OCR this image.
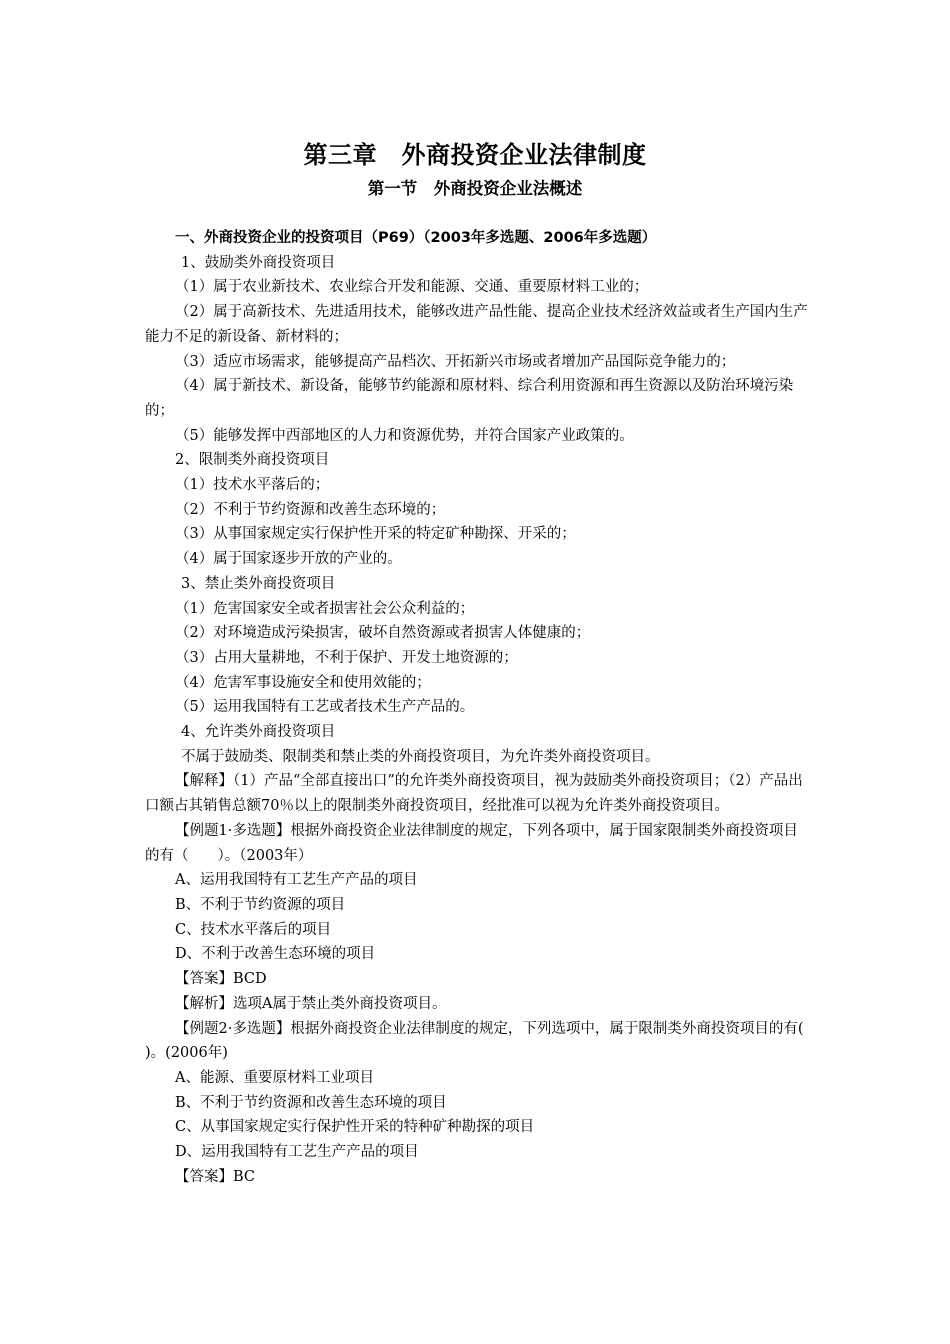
第三章　外商投资企业法律制度
第一节　外商投资企业法概述

一、外商投资企业的投资项目（P69）（2003年多选题、2006年多选题）

1、鼓励类外商投资项目

（1）属于农业新技术、农业综合开发和能源、交通、重要原材料工业的；

（2）属于高新技术、先进适用技术，能够改进产品性能、提高企业技术经济效益或者生产国内生产能力不足的新设备、新材料的；

（3）适应市场需求，能够提高产品档次、开拓新兴市场或者增加产品国际竞争能力的；

（4）属于新技术、新设备，能够节约能源和原材料、综合利用资源和再生资源以及防治环境污染的；

（5）能够发挥中西部地区的人力和资源优势，并符合国家产业政策的。

2、限制类外商投资项目

（1）技术水平落后的；

（2）不利于节约资源和改善生态环境的；

（3）从事国家规定实行保护性开采的特定矿种勘探、开采的；

（4）属于国家逐步开放的产业的。

3、禁止类外商投资项目

（1）危害国家安全或者损害社会公众利益的；

（2）对环境造成污染损害，破坏自然资源或者损害人体健康的；

（3）占用大量耕地，不利于保护、开发土地资源的；

（4）危害军事设施安全和使用效能的；

（5）运用我国特有工艺或者技术生产产品的。

4、允许类外商投资项目

不属于鼓励类、限制类和禁止类的外商投资项目，为允许类外商投资项目。

【解释】（1）产品“全部直接出口”的允许类外商投资项目，视为鼓励类外商投资项目；（2）产品出口额占其销售总额70％以上的限制类外商投资项目，经批准可以视为允许类外商投资项目。

【例题1·多选题】根据外商投资企业法律制度的规定，下列各项中，属于国家限制类外商投资项目的有（　　）。（2003年）

A、运用我国特有工艺生产产品的项目

B、不利于节约资源的项目

C、技术水平落后的项目

D、不利于改善生态环境的项目

【答案】BCD

【解析】选项A属于禁止类外商投资项目。

【例题2·多选题】根据外商投资企业法律制度的规定，下列选项中，属于限制类外商投资项目的有(　　)。(2006年)

A、能源、重要原材料工业项目

B、不利于节约资源和改善生态环境的项目

C、从事国家规定实行保护性开采的特种矿种勘探的项目

D、运用我国特有工艺生产产品的项目

【答案】BC
